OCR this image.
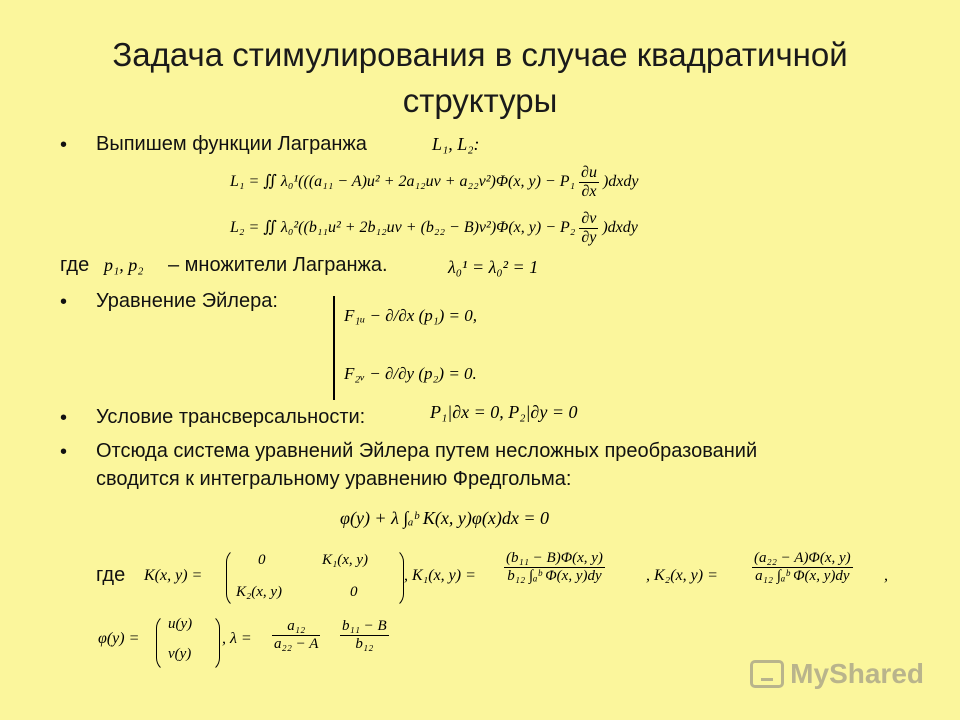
Задача стимулирования в случае квадратичной структуры
• Выпишем функции Лагранжа	L₁, L₂:
L₁ = ∬ λ₀¹(((a₁₁ − A)u² + 2a₁₂uv + a₂₂v²)Φ(x, $y) - P_1 \frac{\partial u}{\partial x}$ )dxdy
L₂ = ∬ λ₀²((b₁₁u² + 2b₁₂uv + (b₂₂ − B)v²)Φ(x, $y) - P_2 \frac{\partial v}{\partial y}$ )dxdy
где p₁, p₂ – множители Лагранжа.	λ₀¹ = λ₀² = 1
• Уравнение Эйлера:
F₁ᵤ − ∂/∂x (p₁) = 0,
F₂ᵥ − ∂/∂y (p₂) = 0.
• Условие трансверсальности:	P₁|∂x = 0, P₂|∂y = 0
• Отсюда система уравнений Эйлера путем несложных преобразований
сводится к интегральному уравнению Фредгольма:
φ(y) + λ ∫ₐᵇ K(x, y)φ(x)dx = 0
где K(x, y) =
0	K₁(x, y)
K₂(x, y)	0
, K₁(x, $y) = \frac{\text{(b₁₁ − B)Φ(x, y)}}{\text{b₁₂ ∫ₐᵇ Φ(x, y)dy}}$	, K₂(x, $y) = \frac{\text{(a₂₂ − A)Φ(x, y)}}{\text{a₁₂ ∫ₐᵇ Φ(x, y)dy}}$ ,
φ(y) =
u(y)
v(y)
, $\lambda = \frac{\text{a₁₂}}{\text{a₂₂ − A}} \frac{\text{b₁₁ − B}}{\text{b₁₂}}$
MyShared
